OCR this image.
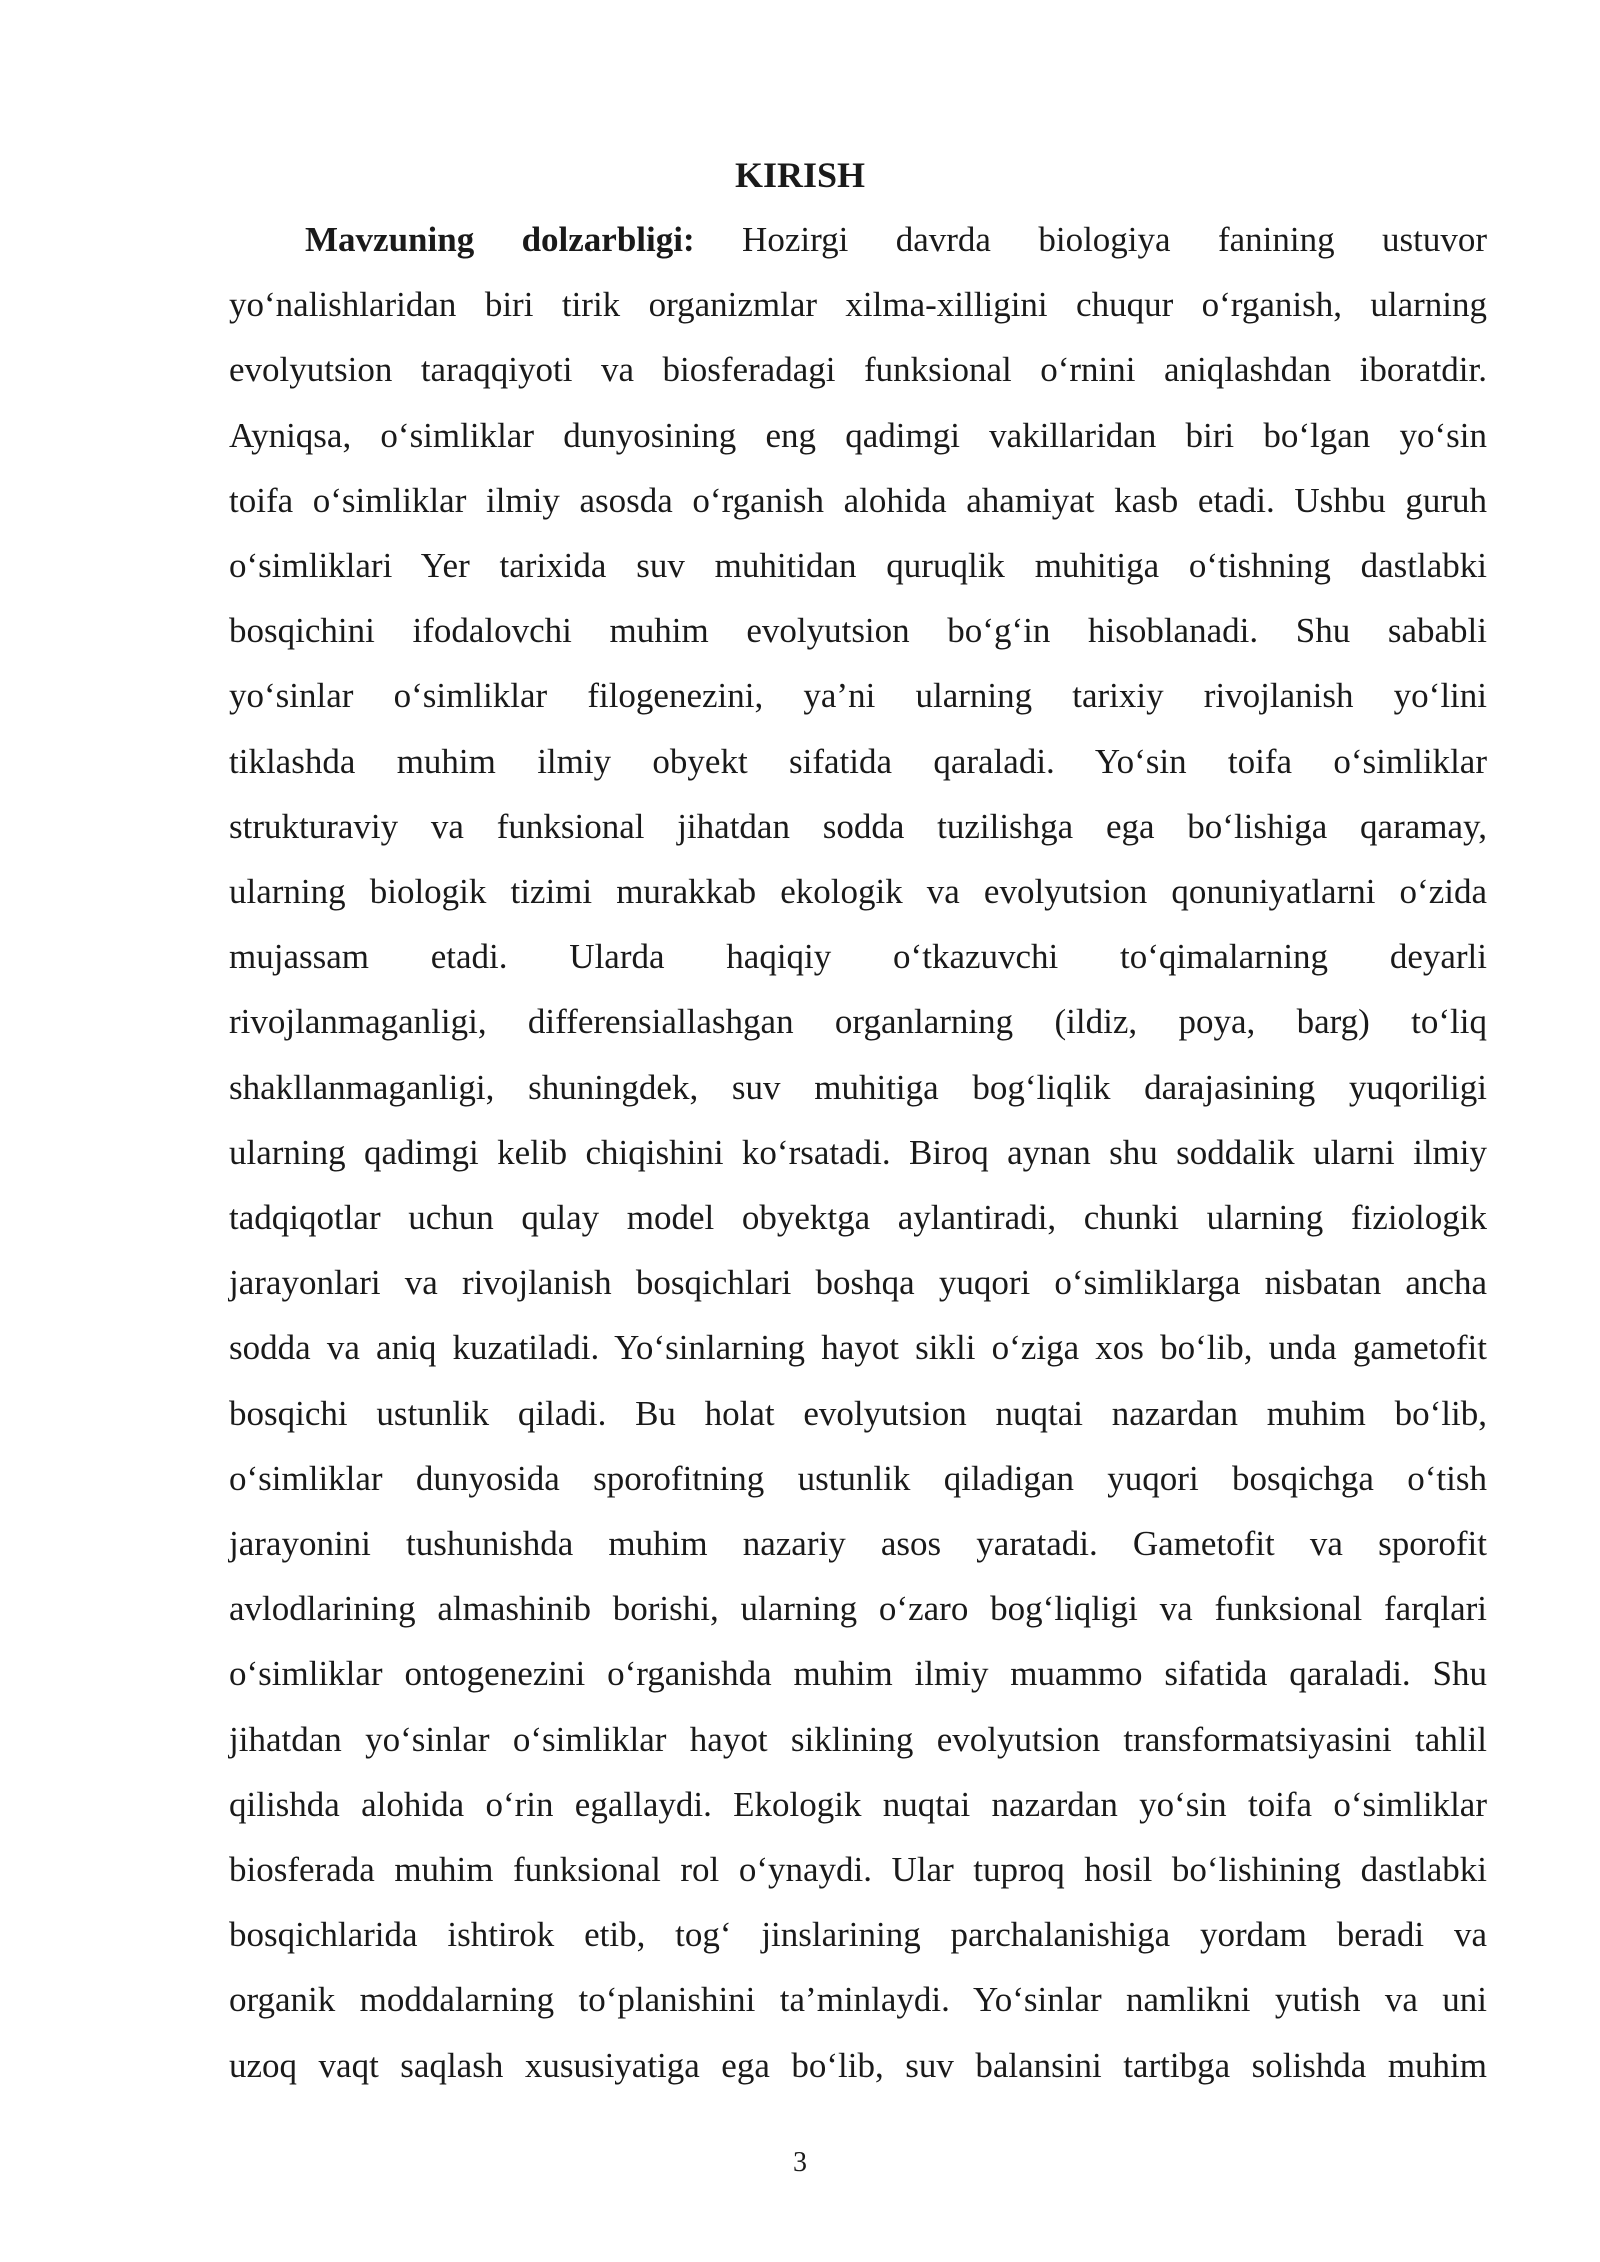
KIRISH
Mavzuning dolzarbligi: Hozirgi davrda biologiya fanining ustuvor
yo‘nalishlaridan biri tirik organizmlar xilma-xilligini chuqur o‘rganish, ularning
evolyutsion taraqqiyoti va biosferadagi funksional o‘rnini aniqlashdan iboratdir.
Ayniqsa, o‘simliklar dunyosining eng qadimgi vakillaridan biri bo‘lgan yo‘sin
toifa o‘simliklar ilmiy asosda o‘rganish alohida ahamiyat kasb etadi. Ushbu guruh
o‘simliklari Yer tarixida suv muhitidan quruqlik muhitiga o‘tishning dastlabki
bosqichini ifodalovchi muhim evolyutsion bo‘g‘in hisoblanadi. Shu sababli
yo‘sinlar o‘simliklar filogenezini, ya’ni ularning tarixiy rivojlanish yo‘lini
tiklashda muhim ilmiy obyekt sifatida qaraladi. Yo‘sin toifa o‘simliklar
strukturaviy va funksional jihatdan sodda tuzilishga ega bo‘lishiga qaramay,
ularning biologik tizimi murakkab ekologik va evolyutsion qonuniyatlarni o‘zida
mujassam etadi. Ularda haqiqiy o‘tkazuvchi to‘qimalarning deyarli
rivojlanmaganligi, differensiallashgan organlarning (ildiz, poya, barg) to‘liq
shakllanmaganligi, shuningdek, suv muhitiga bog‘liqlik darajasining yuqoriligi
ularning qadimgi kelib chiqishini ko‘rsatadi. Biroq aynan shu soddalik ularni ilmiy
tadqiqotlar uchun qulay model obyektga aylantiradi, chunki ularning fiziologik
jarayonlari va rivojlanish bosqichlari boshqa yuqori o‘simliklarga nisbatan ancha
sodda va aniq kuzatiladi. Yo‘sinlarning hayot sikli o‘ziga xos bo‘lib, unda gametofit
bosqichi ustunlik qiladi. Bu holat evolyutsion nuqtai nazardan muhim bo‘lib,
o‘simliklar dunyosida sporofitning ustunlik qiladigan yuqori bosqichga o‘tish
jarayonini tushunishda muhim nazariy asos yaratadi. Gametofit va sporofit
avlodlarining almashinib borishi, ularning o‘zaro bog‘liqligi va funksional farqlari
o‘simliklar ontogenezini o‘rganishda muhim ilmiy muammo sifatida qaraladi. Shu
jihatdan yo‘sinlar o‘simliklar hayot siklining evolyutsion transformatsiyasini tahlil
qilishda alohida o‘rin egallaydi. Ekologik nuqtai nazardan yo‘sin toifa o‘simliklar
biosferada muhim funksional rol o‘ynaydi. Ular tuproq hosil bo‘lishining dastlabki
bosqichlarida ishtirok etib, tog‘ jinslarining parchalanishiga yordam beradi va
organik moddalarning to‘planishini ta’minlaydi. Yo‘sinlar namlikni yutish va uni
uzoq vaqt saqlash xususiyatiga ega bo‘lib, suv balansini tartibga solishda muhim
3
